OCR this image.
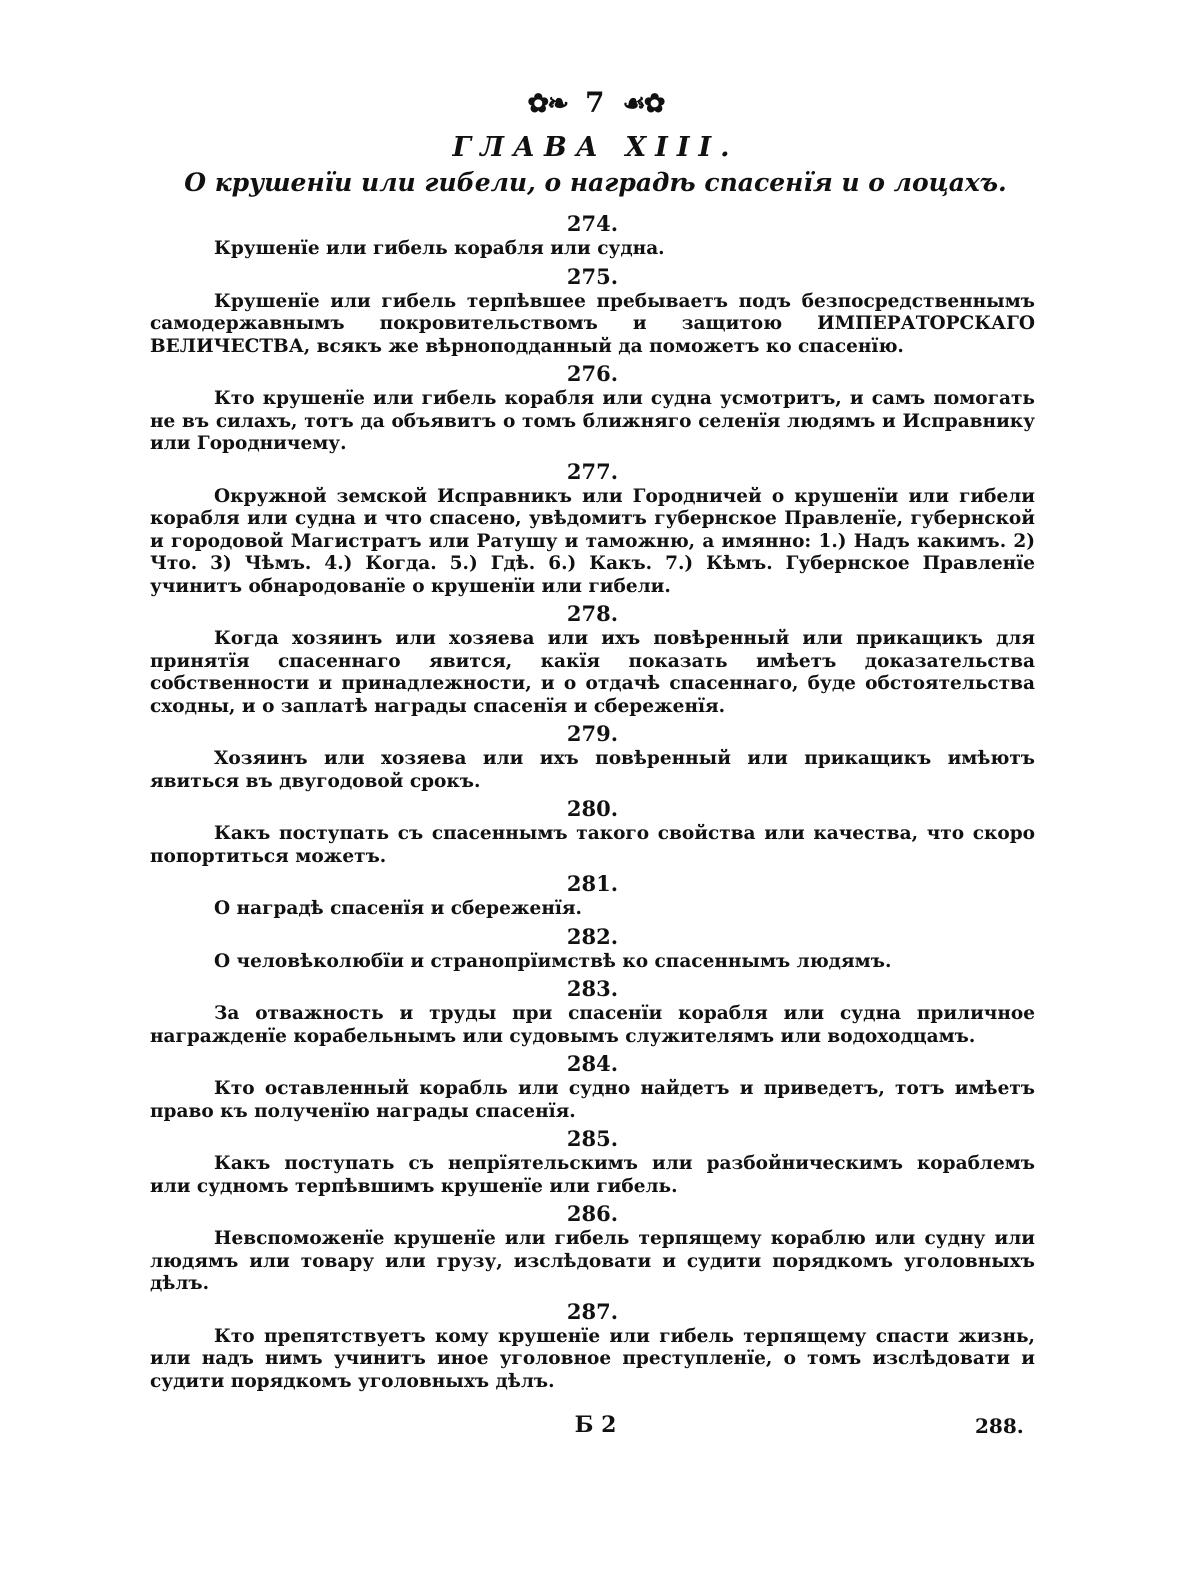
✿❧ 7 ☙✿
ГЛАВА XIII.
О крушенїи или гибели, о наградѣ спасенїя и о лоцахъ.
274.

Крушенїе или гибель корабля или судна.

275.

Крушенїе или гибель терпѣвшее пребываетъ подъ безпосредственнымъ самодержавнымъ покровительствомъ и защитою ИМПЕРАТОРСКАГО ВЕЛИЧЕСТВА, всякъ же вѣрноподданный да поможетъ ко спасенїю.

276.

Кто крушенїе или гибель корабля или судна усмотритъ, и самъ помогать не въ силахъ, тотъ да объявитъ о томъ ближняго селенїя людямъ и Исправнику или Городничему.

277.

Окружной земской Исправникъ или Городничей о крушенїи или гибели корабля или судна и что спасено, увѣдомитъ губернское Правленїе, губернской и городовой Магистратъ или Ратушу и таможню, а имянно: 1.) Надъ какимъ. 2) Что. 3) Чѣмъ. 4.) Когда. 5.) Гдѣ. 6.) Какъ. 7.) Кѣмъ. Губернское Правленїе учинитъ обнародованїе о крушенїи или гибели.

278.

Когда хозяинъ или хозяева или ихъ повѣренный или прикащикъ для принятїя спасеннаго явится, какїя показать имѣетъ доказательства собственности и принадлежности, и о отдачѣ спасеннаго, буде обстоятельства сходны, и о заплатѣ награды спасенїя и сбереженїя.

279.

Хозяинъ или хозяева или ихъ повѣренный или прикащикъ имѣютъ явиться въ двугодовой срокъ.

280.

Какъ поступать съ спасеннымъ такого свойства или качества, что скоро попортиться можетъ.

281.

О наградѣ спасенїя и сбереженїя.

282.

О человѣколюбїи и странопрїимствѣ ко спасеннымъ людямъ.

283.

За отважность и труды при спасенїи корабля или судна приличное награжденїе корабельнымъ или судовымъ служителямъ или водоходцамъ.

284.

Кто оставленный корабль или судно найдетъ и приведетъ, тотъ имѣетъ право къ полученїю награды спасенїя.

285.

Какъ поступать съ непрїятельскимъ или разбойническимъ кораблемъ или судномъ терпѣвшимъ крушенїе или гибель.

286.

Невспоможенїе крушенїе или гибель терпящему кораблю или судну или людямъ или товару или грузу, изслѣдовати и судити порядкомъ уголовныхъ дѣлъ.

287.

Кто препятствуетъ кому крушенїе или гибель терпящему спасти жизнь, или надъ нимъ учинитъ иное уголовное преступленїе, о томъ изслѣдовати и судити порядкомъ уголовныхъ дѣлъ.

Б 2	288.
